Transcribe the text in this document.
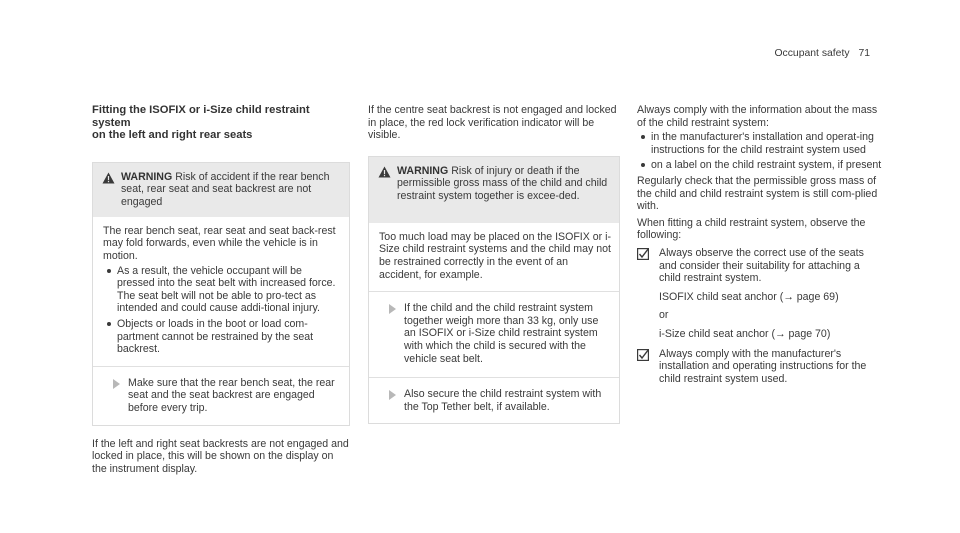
Occupant safety 71
Fitting the ISOFIX or i-Size child restraint system
on the left and right rear seats
WARNING Risk of accident if the rear bench seat, rear seat and seat backrest are not engaged

The rear bench seat, rear seat and seat back-rest may fold forwards, even while the vehicle is in motion.

As a result, the vehicle occupant will be pressed into the seat belt with increased force. The seat belt will not be able to pro-tect as intended and could cause addi-tional injury.
Objects or loads in the boot or load com-partment cannot be restrained by the seat backrest.
Make sure that the rear bench seat, the rear seat and the seat backrest are engaged before every trip.

If the left and right seat backrests are not engaged and locked in place, this will be shown on the display on the instrument display.

If the centre seat backrest is not engaged and locked in place, the red lock verification indicator will be visible.

WARNING Risk of injury or death if the permissible gross mass of the child and child restraint system together is excee-ded.

Too much load may be placed on the ISOFIX or i-Size child restraint systems and the child may not be restrained correctly in the event of an accident, for example.

If the child and the child restraint system together weigh more than 33 kg, only use an ISOFIX or i-Size child restraint system with which the child is secured with the vehicle seat belt.
Also secure the child restraint system with the Top Tether belt, if available.

Always comply with the information about the mass of the child restraint system:

in the manufacturer's installation and operat-ing instructions for the child restraint system used
on a label on the child restraint system, if present

Regularly check that the permissible gross mass of the child and child restraint system is still com-plied with.

When fitting a child restraint system, observe the following:

Always observe the correct use of the seats and consider their suitability for attaching a child restraint system.

ISOFIX child seat anchor (→ page 69)

or

i-Size child seat anchor (→ page 70)

Always comply with the manufacturer's installation and operating instructions for the child restraint system used.
